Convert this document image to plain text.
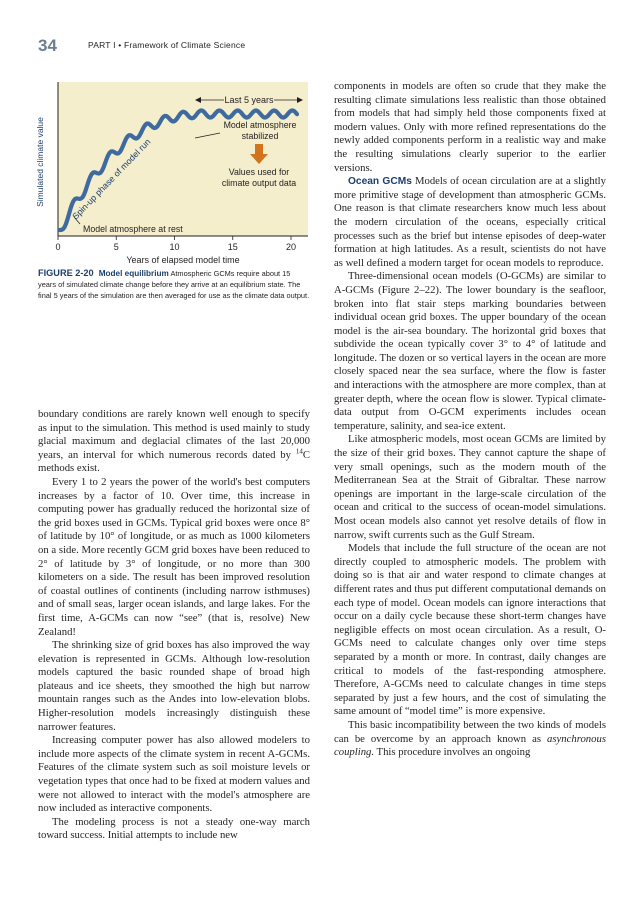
34	PART I • Framework of Climate Science
0	5	10	15	20
Simulated climate value
Years of elapsed model time
Last 5 years
Model atmosphere
stabilized
Values used for
climate output data
Spin-up phase of model run
Model atmosphere at rest
FIGURE 2-20 Model equilibrium Atmospheric GCMs require about 15 years of simulated climate change before they arrive at an equilibrium state. The final 5 years of the simulation are then averaged for use as the climate data output.

boundary conditions are rarely known well enough to specify as input to the simulation. This method is used mainly to study glacial maximum and deglacial climates of the last 20,000 years, an interval for which numerous records dated by $^{14}$C methods exist.

Every 1 to 2 years the power of the world's best computers increases by a factor of 10. Over time, this increase in computing power has gradually reduced the horizontal size of the grid boxes used in GCMs. Typical grid boxes were once 8° of latitude by 10° of longitude, or as much as 1000 kilometers on a side. More recently GCM grid boxes have been reduced to 2° of latitude by 3° of longitude, or no more than 300 kilometers on a side. The result has been improved resolution of coastal outlines of continents (including narrow isthmuses) and of small seas, larger ocean islands, and large lakes. For the first time, A-GCMs can now “see” (that is, resolve) New Zealand!

The shrinking size of grid boxes has also improved the way elevation is represented in GCMs. Although low-resolution models captured the basic rounded shape of broad high plateaus and ice sheets, they smoothed the high but narrow mountain ranges such as the Andes into low-elevation blobs. Higher-resolution models increasingly distinguish these narrower features.

Increasing computer power has also allowed modelers to include more aspects of the climate system in recent A-GCMs. Features of the climate system such as soil moisture levels or vegetation types that once had to be fixed at modern values and were not allowed to interact with the model's atmosphere are now included as interactive components.

The modeling process is not a steady one-way march toward success. Initial attempts to include new

components in models are often so crude that they make the resulting climate simulations less realistic than those obtained from models that had simply held those components fixed at modern values. Only with more refined representations do the newly added components perform in a realistic way and make the resulting simulations clearly superior to the earlier versions.

Ocean GCMs Models of ocean circulation are at a slightly more primitive stage of development than atmospheric GCMs. One reason is that climate researchers know much less about the modern circulation of the oceans, especially critical processes such as the brief but intense episodes of deep-water formation at high latitudes. As a result, scientists do not have as well defined a modern target for ocean models to reproduce.

Three-dimensional ocean models (O-GCMs) are similar to A-GCMs (Figure 2–22). The lower boundary is the seafloor, broken into flat stair steps marking boundaries between individual ocean grid boxes. The upper boundary of the ocean model is the air-sea boundary. The horizontal grid boxes that subdivide the ocean typically cover 3° to 4° of latitude and longitude. The dozen or so vertical layers in the ocean are more closely spaced near the sea surface, where the flow is faster and interactions with the atmosphere are more complex, than at greater depth, where the ocean flow is slower. Typical climate-data output from O-GCM experiments includes ocean temperature, salinity, and sea-ice extent.

Like atmospheric models, most ocean GCMs are limited by the size of their grid boxes. They cannot capture the shape of very small openings, such as the modern mouth of the Mediterranean Sea at the Strait of Gibraltar. These narrow openings are important in the large-scale circulation of the ocean and critical to the success of ocean-model simulations. Most ocean models also cannot yet resolve details of flow in narrow, swift currents such as the Gulf Stream.

Models that include the full structure of the ocean are not directly coupled to atmospheric models. The problem with doing so is that air and water respond to climate changes at different rates and thus put different computational demands on each type of model. Ocean models can ignore interactions that occur on a daily cycle because these short-term changes have negligible effects on most ocean circulation. As a result, O-GCMs need to calculate changes only over time steps separated by a month or more. In contrast, daily changes are critical to models of the fast-responding atmosphere. Therefore, A-GCMs need to calculate changes in time steps separated by just a few hours, and the cost of simulating the same amount of “model time” is more expensive.

This basic incompatibility between the two kinds of models can be overcome by an approach known as asynchronous coupling. This procedure involves an ongoing
